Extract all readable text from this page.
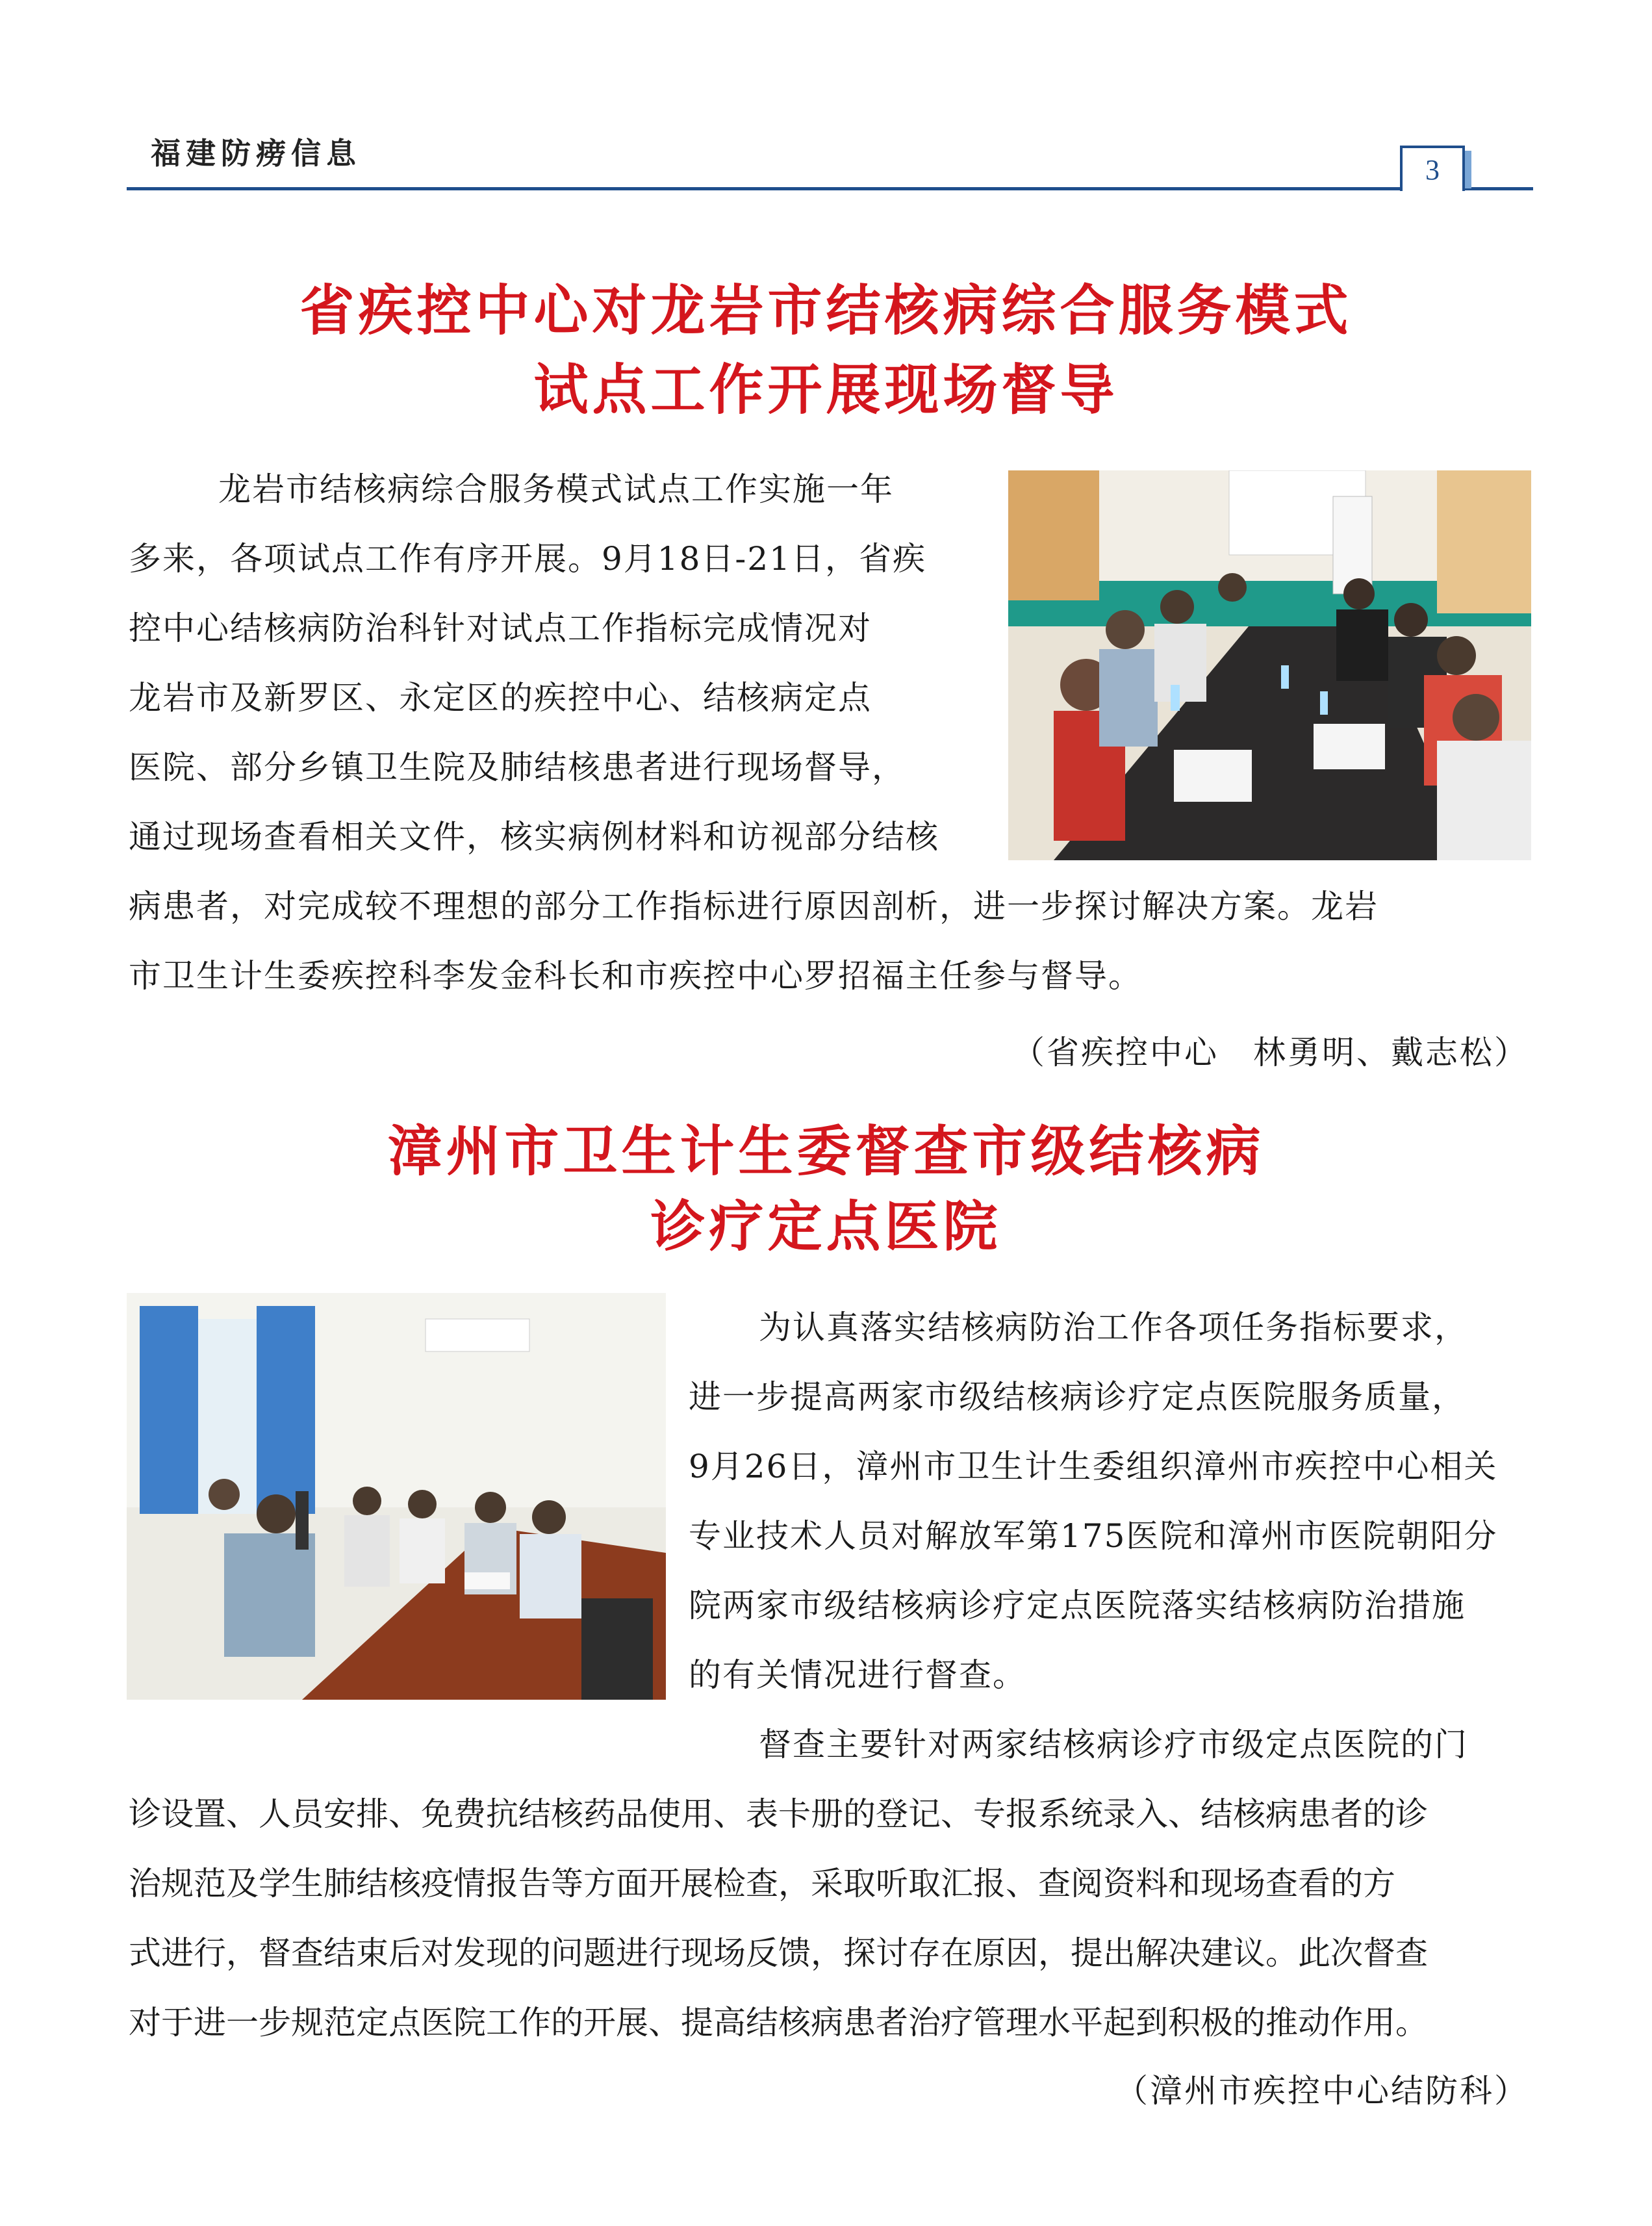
福建防痨信息	3
省疾控中心对龙岩市结核病综合服务模式
试点工作开展现场督导
龙岩市结核病综合服务模式试点工作实施一年
多来，各项试点工作有序开展。9月18日-21日，省疾
控中心结核病防治科针对试点工作指标完成情况对
龙岩市及新罗区、永定区的疾控中心、结核病定点
医院、部分乡镇卫生院及肺结核患者进行现场督导，
通过现场查看相关文件，核实病例材料和访视部分结核
病患者，对完成较不理想的部分工作指标进行原因剖析，进一步探讨解决方案。龙岩
市卫生计生委疾控科李发金科长和市疾控中心罗招福主任参与督导。
（省疾控中心　林勇明、戴志松）
漳州市卫生计生委督查市级结核病
诊疗定点医院
为认真落实结核病防治工作各项任务指标要求，
进一步提高两家市级结核病诊疗定点医院服务质量，
9月26日，漳州市卫生计生委组织漳州市疾控中心相关
专业技术人员对解放军第175医院和漳州市医院朝阳分
院两家市级结核病诊疗定点医院落实结核病防治措施
的有关情况进行督查。
督查主要针对两家结核病诊疗市级定点医院的门
诊设置、人员安排、免费抗结核药品使用、表卡册的登记、专报系统录入、结核病患者的诊
治规范及学生肺结核疫情报告等方面开展检查，采取听取汇报、查阅资料和现场查看的方
式进行，督查结束后对发现的问题进行现场反馈，探讨存在原因，提出解决建议。此次督查
对于进一步规范定点医院工作的开展、提高结核病患者治疗管理水平起到积极的推动作用。
（漳州市疾控中心结防科）
